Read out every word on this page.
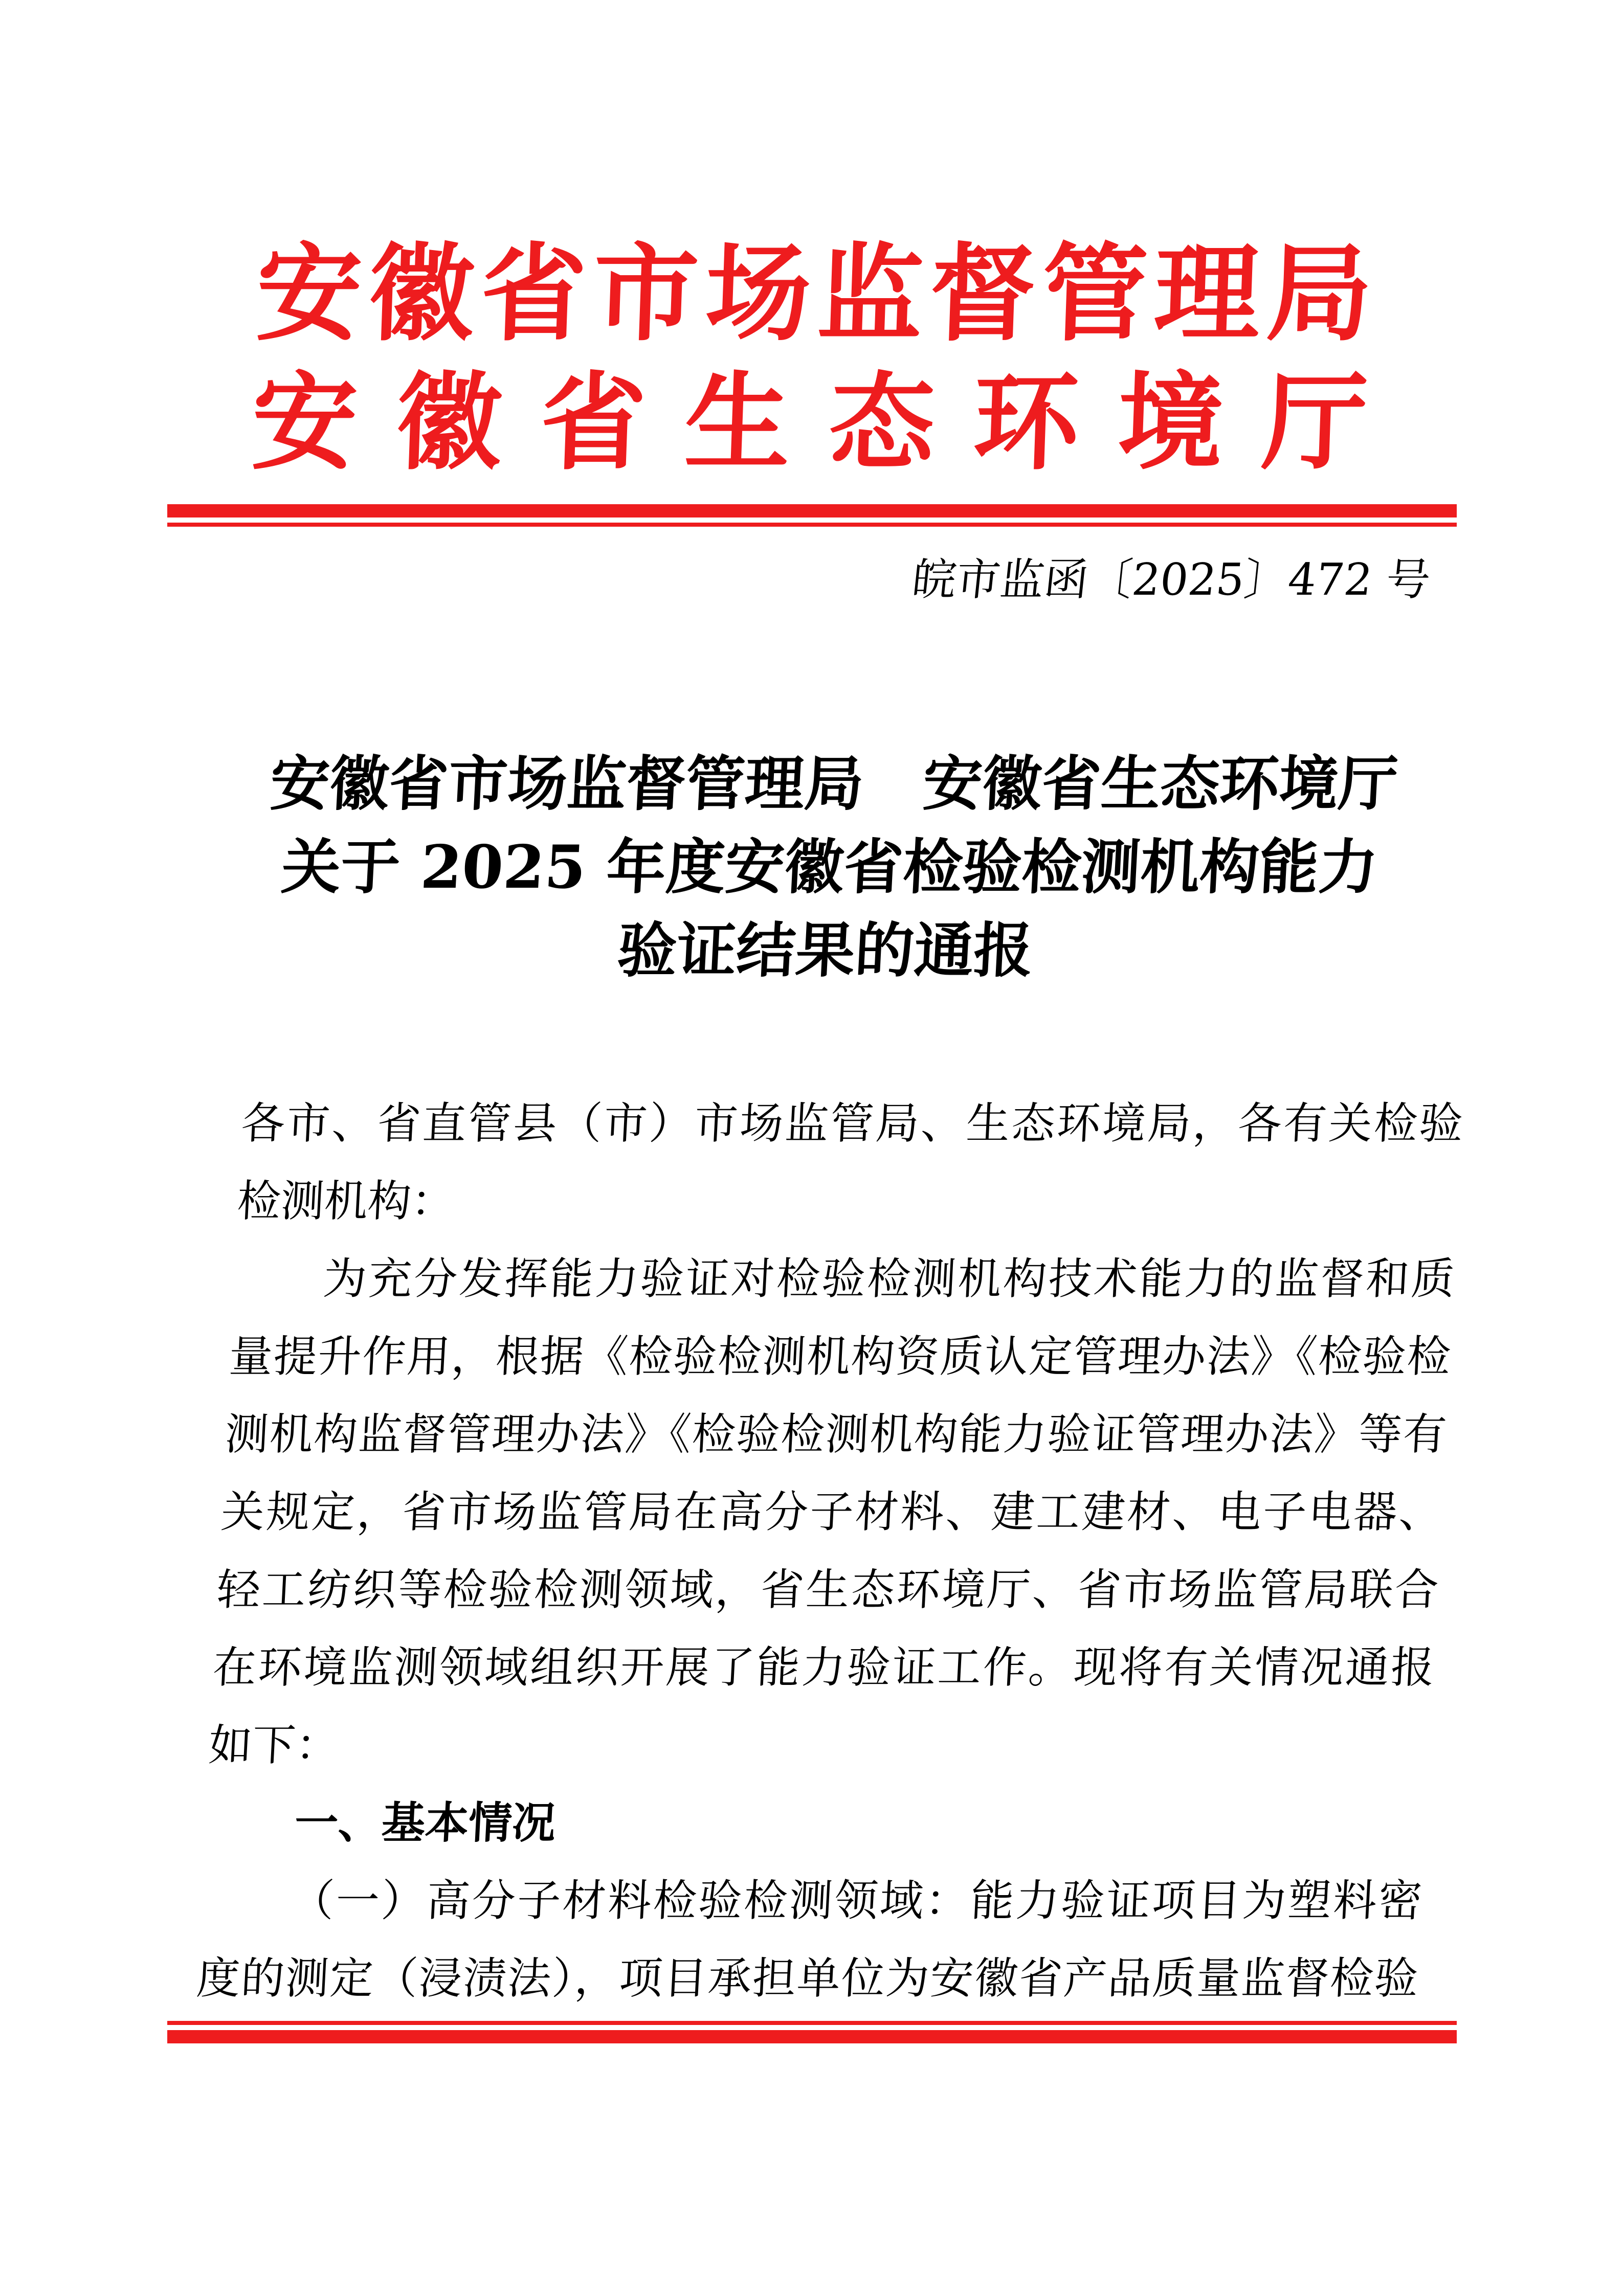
安徽省市场监督管理局
安徽省生态环境厅
皖市监函〔2025〕472 号
安徽省市场监督管理局　安徽省生态环境厅
关于 2025 年度安徽省检验检测机构能力
验证结果的通报
各市、省直管县（市）市场监管局、生态环境局，各有关检验
检测机构：
为充分发挥能力验证对检验检测机构技术能力的监督和质
量提升作用，根据《检验检测机构资质认定管理办法》《检验检
测机构监督管理办法》《检验检测机构能力验证管理办法》等有
关规定，省市场监管局在高分子材料、建工建材、电子电器、
轻工纺织等检验检测领域，省生态环境厅、省市场监管局联合
在环境监测领域组织开展了能力验证工作。现将有关情况通报
如下：
一、基本情况
（一）高分子材料检验检测领域：能力验证项目为塑料密
度的测定（浸渍法），项目承担单位为安徽省产品质量监督检验
